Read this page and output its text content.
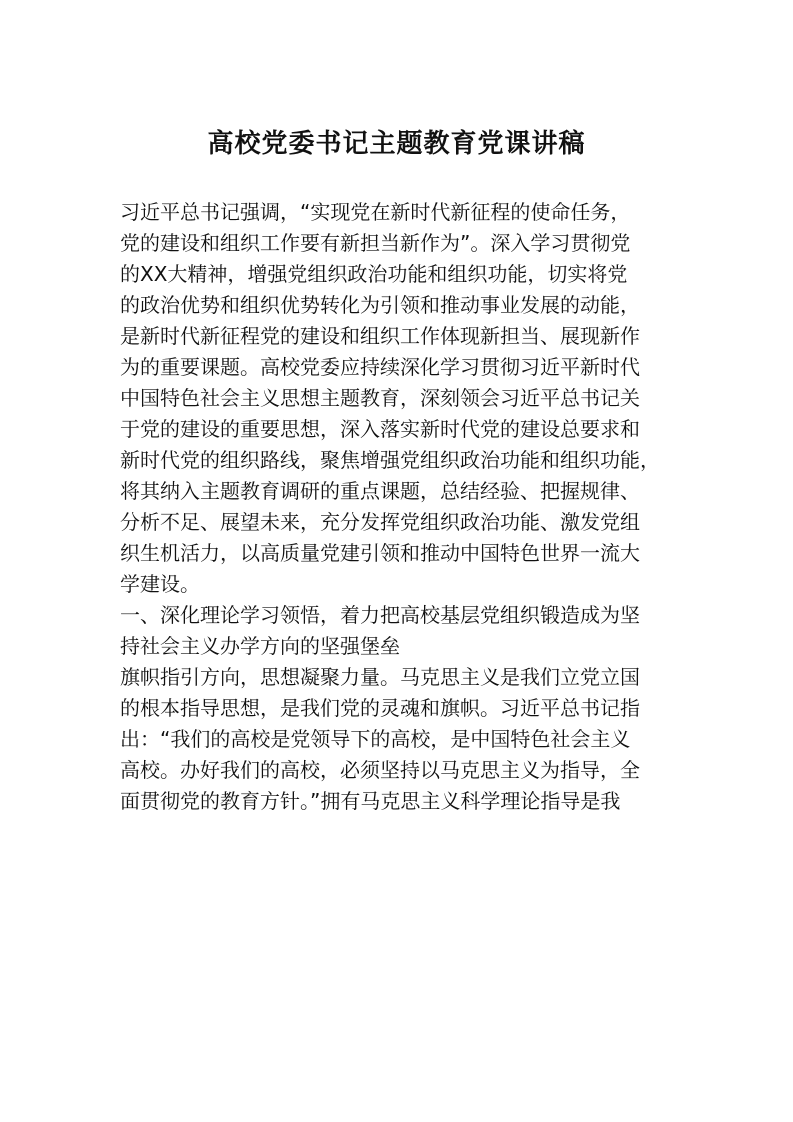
高校党委书记主题教育党课讲稿

习近平总书记强调，“实现党在新时代新征程的使命任务，

党的建设和组织工作要有新担当新作为”。深入学习贯彻党

的XX大精神，增强党组织政治功能和组织功能，切实将党

的政治优势和组织优势转化为引领和推动事业发展的动能，

是新时代新征程党的建设和组织工作体现新担当、展现新作

为的重要课题。高校党委应持续深化学习贯彻习近平新时代

中国特色社会主义思想主题教育，深刻领会习近平总书记关

于党的建设的重要思想，深入落实新时代党的建设总要求和

新时代党的组织路线，聚焦增强党组织政治功能和组织功能，

将其纳入主题教育调研的重点课题，总结经验、把握规律、

分析不足、展望未来，充分发挥党组织政治功能、激发党组

织生机活力，以高质量党建引领和推动中国特色世界一流大

学建设。

一、深化理论学习领悟，着力把高校基层党组织锻造成为坚

持社会主义办学方向的坚强堡垒

旗帜指引方向，思想凝聚力量。马克思主义是我们立党立国

的根本指导思想，是我们党的灵魂和旗帜。习近平总书记指

出：“我们的高校是党领导下的高校，是中国特色社会主义

高校。办好我们的高校，必须坚持以马克思主义为指导，全

面贯彻党的教育方针。”拥有马克思主义科学理论指导是我
